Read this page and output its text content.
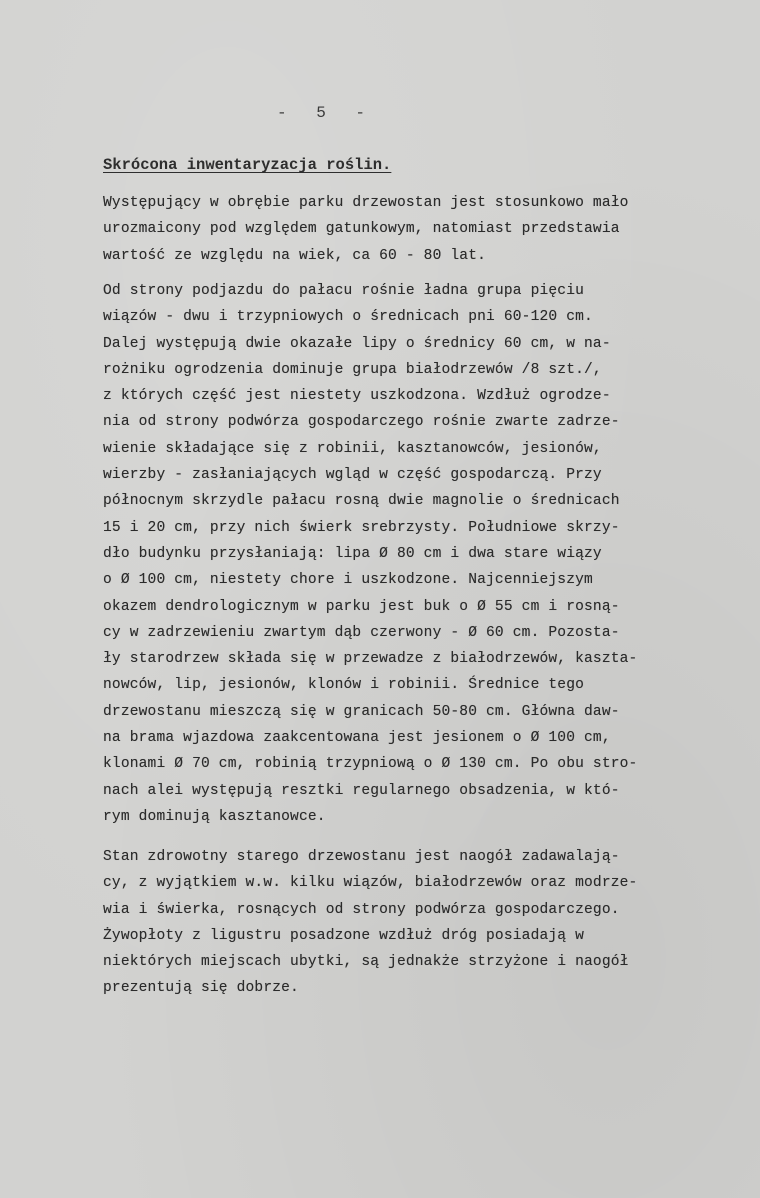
- 5 -
Skrócona inwentaryzacja roślin.
Występujący w obrębie parku drzewostan jest stosunkowo mało
urozmaicony pod względem gatunkowym, natomiast przedstawia
wartość ze względu na wiek, ca 60 - 80 lat.
Od strony podjazdu do pałacu rośnie ładna grupa pięciu
wiązów - dwu i trzypniowych o średnicach pni 60-120 cm.
Dalej występują dwie okazałe lipy o średnicy 60 cm, w na-
rożniku ogrodzenia dominuje grupa białodrzewów /8 szt./,
z których część jest niestety uszkodzona. Wzdłuż ogrodze-
nia od strony podwórza gospodarczego rośnie zwarte zadrze-
wienie składające się z robinii, kasztanowców, jesionów,
wierzby - zasłaniających wgląd w część gospodarczą. Przy
północnym skrzydle pałacu rosną dwie magnolie o średnicach
15 i 20 cm, przy nich świerk srebrzysty. Południowe skrzy-
dło budynku przysłaniają: lipa Ø 80 cm i dwa stare wiązy
o Ø 100 cm, niestety chore i uszkodzone. Najcenniejszym
okazem dendrologicznym w parku jest buk o Ø 55 cm i rosną-
cy w zadrzewieniu zwartym dąb czerwony - Ø 60 cm. Pozosta-
ły starodrzew składa się w przewadze z białodrzewów, kaszta-
nowców, lip, jesionów, klonów i robinii. Średnice tego
drzewostanu mieszczą się w granicach 50-80 cm. Główna daw-
na brama wjazdowa zaakcentowana jest jesionem o Ø 100 cm,
klonami Ø 70 cm, robinią trzypniową o Ø 130 cm. Po obu stro-
nach alei występują resztki regularnego obsadzenia, w któ-
rym dominują kasztanowce.
Stan zdrowotny starego drzewostanu jest naogół zadawalają-
cy, z wyjątkiem w.w. kilku wiązów, białodrzewów oraz modrze-
wia i świerka, rosnących od strony podwórza gospodarczego.
Żywopłoty z ligustru posadzone wzdłuż dróg posiadają w
niektórych miejscach ubytki, są jednakże strzyżone i naogół
prezentują się dobrze.
